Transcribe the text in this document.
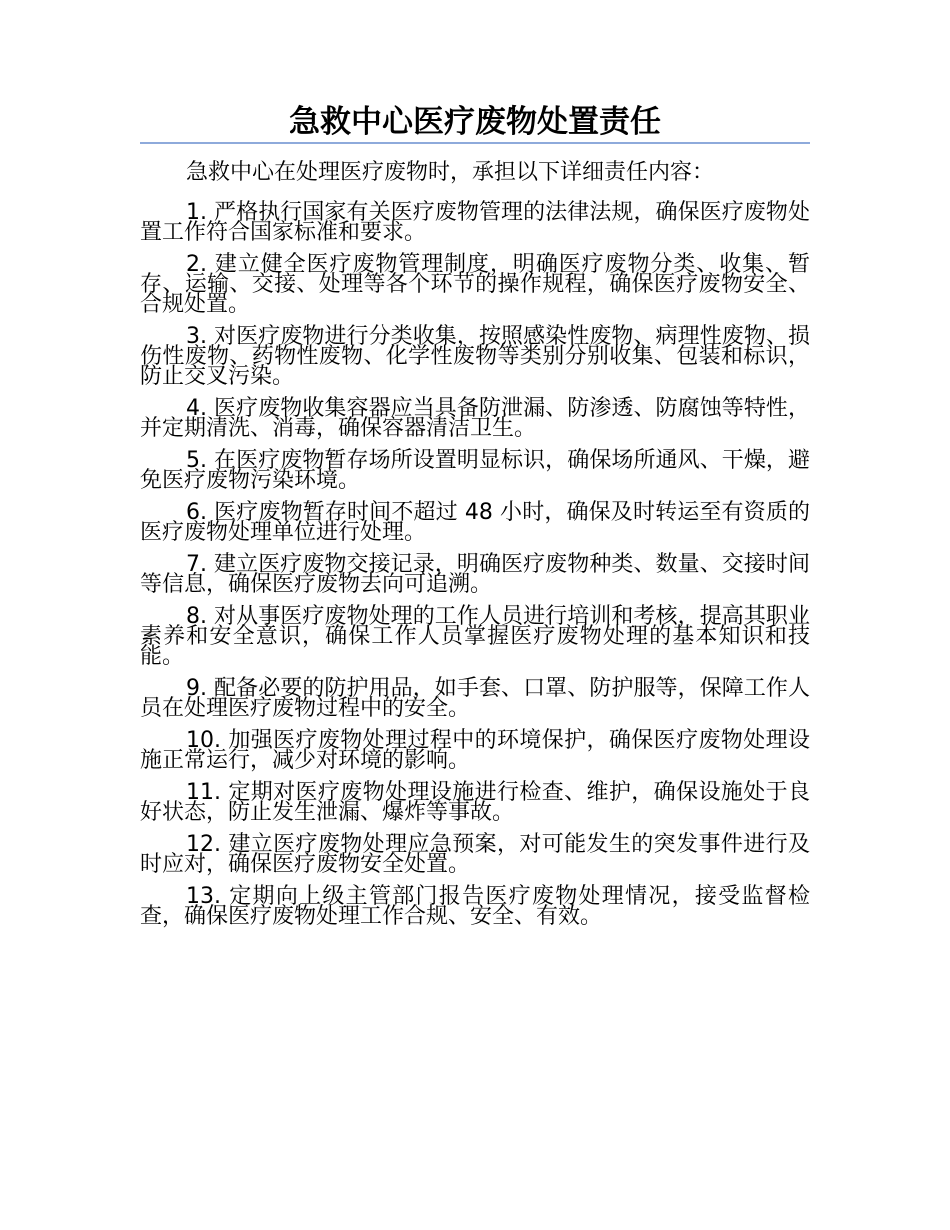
急救中心医疗废物处置责任

急救中心在处理医疗废物时，承担以下详细责任内容：

1. 严格执行国家有关医疗废物管理的法律法规，确保医疗废物处置工作符合国家标准和要求。

2. 建立健全医疗废物管理制度，明确医疗废物分类、收集、暂存、运输、交接、处理等各个环节的操作规程，确保医疗废物安全、合规处置。

3. 对医疗废物进行分类收集，按照感染性废物、病理性废物、损伤性废物、药物性废物、化学性废物等类别分别收集、包装和标识，防止交叉污染。

4. 医疗废物收集容器应当具备防泄漏、防渗透、防腐蚀等特性，并定期清洗、消毒，确保容器清洁卫生。

5. 在医疗废物暂存场所设置明显标识，确保场所通风、干燥，避免医疗废物污染环境。

6. 医疗废物暂存时间不超过 48 小时，确保及时转运至有资质的医疗废物处理单位进行处理。

7. 建立医疗废物交接记录，明确医疗废物种类、数量、交接时间等信息，确保医疗废物去向可追溯。

8. 对从事医疗废物处理的工作人员进行培训和考核，提高其职业素养和安全意识，确保工作人员掌握医疗废物处理的基本知识和技能。

9. 配备必要的防护用品，如手套、口罩、防护服等，保障工作人员在处理医疗废物过程中的安全。

10. 加强医疗废物处理过程中的环境保护，确保医疗废物处理设施正常运行，减少对环境的影响。

11. 定期对医疗废物处理设施进行检查、维护，确保设施处于良好状态，防止发生泄漏、爆炸等事故。

12. 建立医疗废物处理应急预案，对可能发生的突发事件进行及时应对，确保医疗废物安全处置。

13. 定期向上级主管部门报告医疗废物处理情况，接受监督检查，确保医疗废物处理工作合规、安全、有效。
